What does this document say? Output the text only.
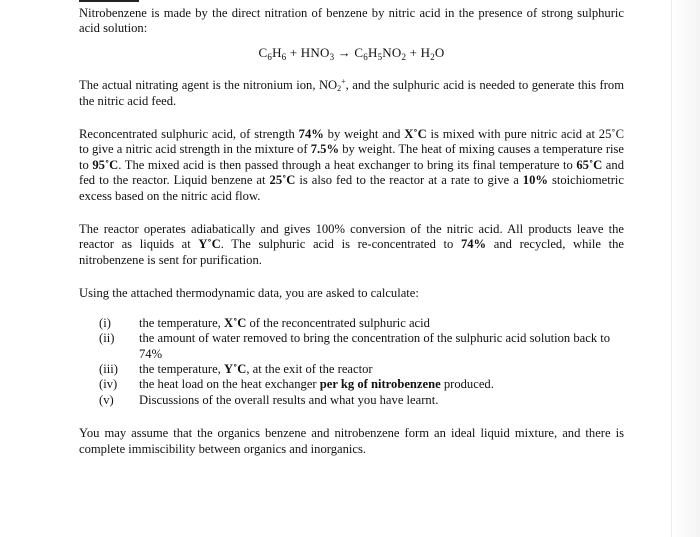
Nitrobenzene is made by the direct nitration of benzene by nitric acid in the presence of strong sulphuric acid solution:

$C_6H_6 + HNO_3 \to C_6H_5NO_2 + H_2O$

The actual nitrating agent is the nitronium ion, $NO_2^+$, and the sulphuric acid is needed to generate this from the nitric acid feed.

Reconcentrated sulphuric acid, of strength 74% by weight and X˚C is mixed with pure nitric acid at 25˚C to give a nitric acid strength in the mixture of 7.5% by weight. The heat of mixing causes a temperature rise to 95˚C. The mixed acid is then passed through a heat exchanger to bring its final temperature to 65˚C and fed to the reactor. Liquid benzene at 25˚C is also fed to the reactor at a rate to give a 10% stoichiometric excess based on the nitric acid flow.

The reactor operates adiabatically and gives 100% conversion of the nitric acid. All products leave the reactor as liquids at Y˚C. The sulphuric acid is re-concentrated to 74% and recycled, while the nitrobenzene is sent for purification.

Using the attached thermodynamic data, you are asked to calculate:

(i)	the temperature, X˚C of the reconcentrated sulphuric acid
(ii)	the amount of water removed to bring the concentration of the sulphuric acid solution back to 74%
(iii)	the temperature, Y˚C, at the exit of the reactor
(iv)	the heat load on the heat exchanger per kg of nitrobenzene produced.
(v)	Discussions of the overall results and what you have learnt.

You may assume that the organics benzene and nitrobenzene form an ideal liquid mixture, and there is complete immiscibility between organics and inorganics.
